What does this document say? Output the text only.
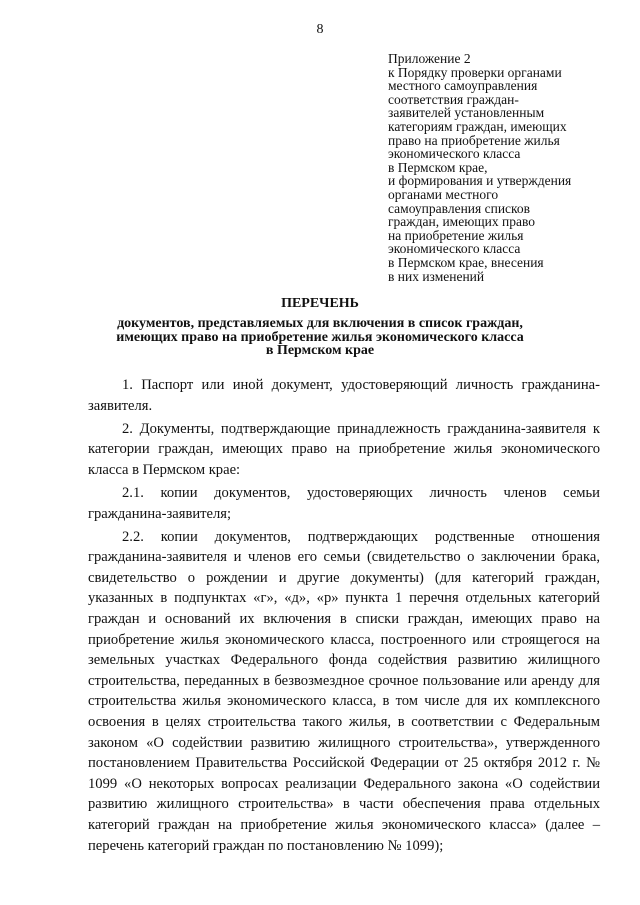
8
Приложение 2
к Порядку проверки органами
местного самоуправления
соответствия граждан-
заявителей установленным
категориям граждан, имеющих
право на приобретение жилья
экономического класса
в Пермском крае,
и формирования и утверждения
органами местного
самоуправления списков
граждан, имеющих право
на приобретение жилья
экономического класса
в Пермском крае, внесения
в них изменений
ПЕРЕЧЕНЬ
документов, представляемых для включения в список граждан,
имеющих право на приобретение жилья экономического класса
в Пермском крае

1. Паспорт или иной документ, удостоверяющий личность гражданина-заявителя.

2. Документы, подтверждающие принадлежность гражданина-заявителя к категории граждан, имеющих право на приобретение жилья экономического класса в Пермском крае:

2.1. копии документов, удостоверяющих личность членов семьи гражданина-заявителя;

2.2. копии документов, подтверждающих родственные отношения гражданина-заявителя и членов его семьи (свидетельство о заключении брака, свидетельство о рождении и другие документы) (для категорий граждан, указанных в подпунктах «г», «д», «р» пункта 1 перечня отдельных категорий граждан и оснований их включения в списки граждан, имеющих право на приобретение жилья экономического класса, построенного или строящегося на земельных участках Федерального фонда содействия развитию жилищного строительства, переданных в безвозмездное срочное пользование или аренду для строительства жилья экономического класса, в том числе для их комплексного освоения в целях строительства такого жилья, в соответствии с Федеральным законом «О содействии развитию жилищного строительства», утвержденного постановлением Правительства Российской Федерации от 25 октября 2012 г. № 1099 «О некоторых вопросах реализации Федерального закона «О содействии развитию жилищного строительства» в части обеспечения права отдельных категорий граждан на приобретение жилья экономического класса» (далее – перечень категорий граждан по постановлению № 1099);
